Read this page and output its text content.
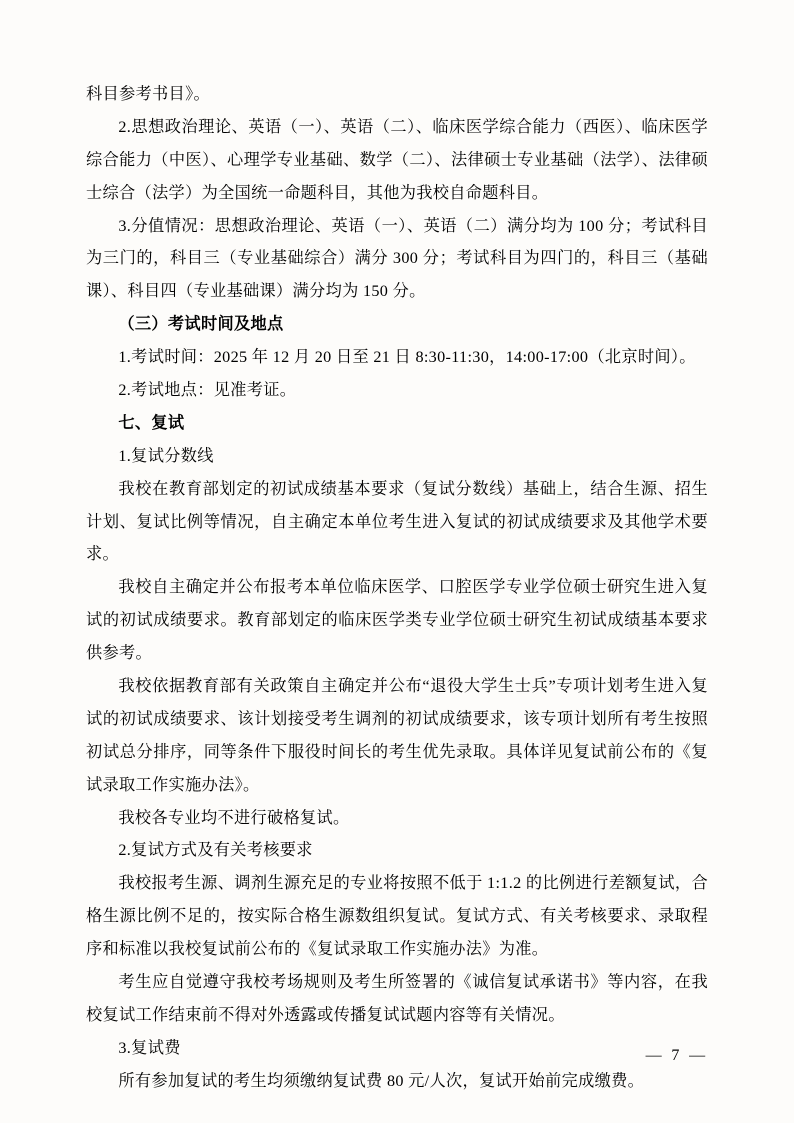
科目参考书目》。

2.思想政治理论、英语（一）、英语（二）、临床医学综合能力（西医）、临床医学综合能力（中医）、心理学专业基础、数学（二）、法律硕士专业基础（法学）、法律硕士综合（法学）为全国统一命题科目，其他为我校自命题科目。

3.分值情况：思想政治理论、英语（一）、英语（二）满分均为 100 分；考试科目为三门的，科目三（专业基础综合）满分 300 分；考试科目为四门的，科目三（基础课）、科目四（专业基础课）满分均为 150 分。

（三）考试时间及地点

1.考试时间：2025 年 12 月 20 日至 21 日 8:30-11:30，14:00-17:00（北京时间）。

2.考试地点：见准考证。

七、复试

1.复试分数线

我校在教育部划定的初试成绩基本要求（复试分数线）基础上，结合生源、招生计划、复试比例等情况，自主确定本单位考生进入复试的初试成绩要求及其他学术要求。

我校自主确定并公布报考本单位临床医学、口腔医学专业学位硕士研究生进入复试的初试成绩要求。教育部划定的临床医学类专业学位硕士研究生初试成绩基本要求供参考。

我校依据教育部有关政策自主确定并公布“退役大学生士兵”专项计划考生进入复试的初试成绩要求、该计划接受考生调剂的初试成绩要求，该专项计划所有考生按照初试总分排序，同等条件下服役时间长的考生优先录取。具体详见复试前公布的《复试录取工作实施办法》。

我校各专业均不进行破格复试。

2.复试方式及有关考核要求

我校报考生源、调剂生源充足的专业将按照不低于 1:1.2 的比例进行差额复试，合格生源比例不足的，按实际合格生源数组织复试。复试方式、有关考核要求、录取程序和标准以我校复试前公布的《复试录取工作实施办法》为准。

考生应自觉遵守我校考场规则及考生所签署的《诚信复试承诺书》等内容，在我校复试工作结束前不得对外透露或传播复试试题内容等有关情况。

3.复试费

所有参加复试的考生均须缴纳复试费 80 元/人次，复试开始前完成缴费。

— 7 —
